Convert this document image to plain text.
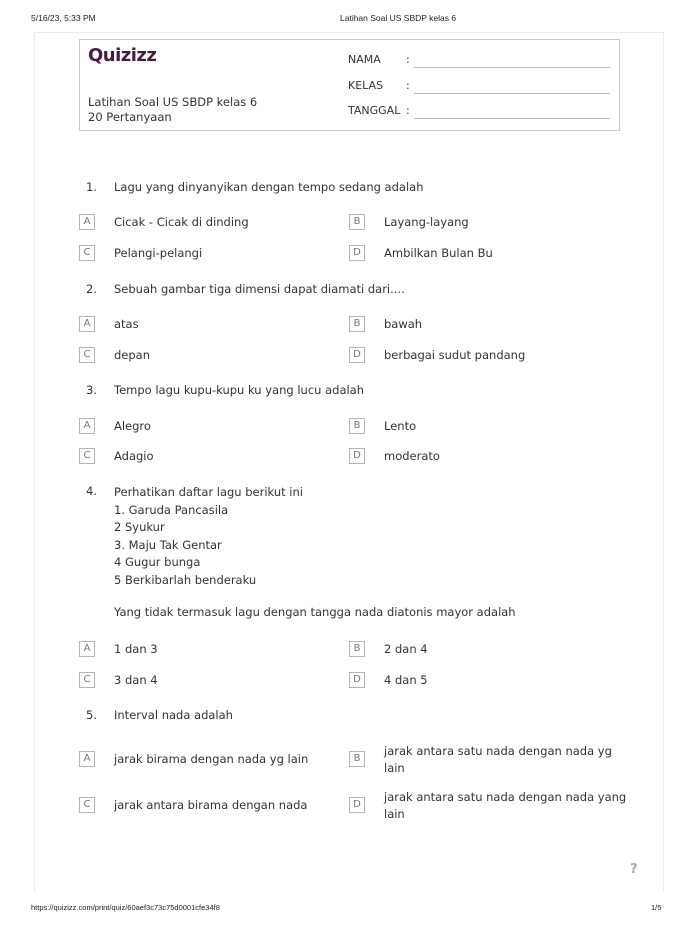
5/16/23, 5:33 PM	Latihan Soal US SBDP kelas 6
Quizizz
Latihan Soal US SBDP kelas 6
20 Pertanyaan
NAMA :
KELAS :
TANGGAL :
1. Lagu yang dinyanyikan dengan tempo sedang adalah
A	Cicak - Cicak di dinding	B	Layang-layang
C	Pelangi-pelangi	D	Ambilkan Bulan Bu
2. Sebuah gambar tiga dimensi dapat diamati dari....
A	atas	B	bawah
C	depan	D	berbagai sudut pandang
3. Tempo lagu kupu-kupu ku yang lucu adalah
A	Alegro	B	Lento
C	Adagio	D	moderato
4. Perhatikan daftar lagu berikut ini
1. Garuda Pancasila
2 Syukur
3. Maju Tak Gentar
4 Gugur bunga
5 Berkibarlah benderaku
Yang tidak termasuk lagu dengan tangga nada diatonis mayor adalah
A	1 dan 3	B	2 dan 4
C	3 dan 4	D	4 dan 5
5. Interval nada adalah
A	jarak birama dengan nada yg lain	B
jarak antara satu nada dengan nada yg lain
C	jarak antara birama dengan nada	D
jarak antara satu nada dengan nada yang lain
?
https://quizizz.com/print/quiz/60aef3c73c75d0001cfe34f8	1/5
